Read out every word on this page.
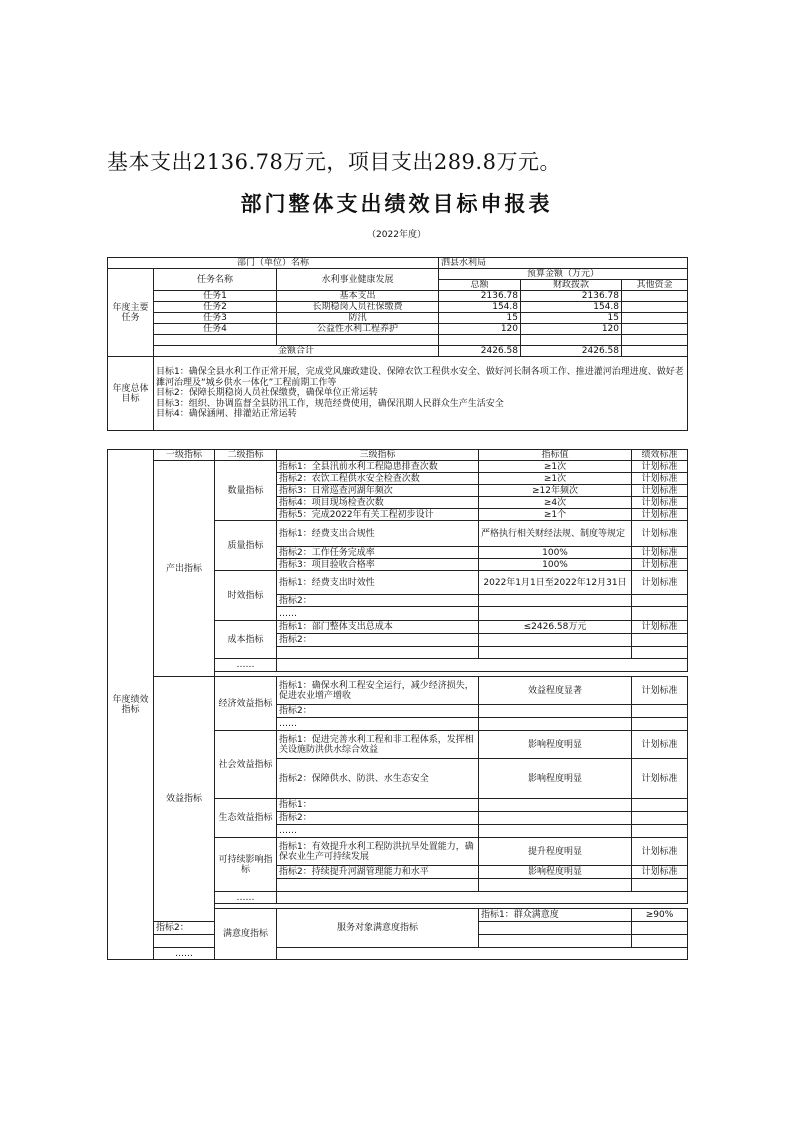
基本支出2136.78万元，项目支出289.8万元。
部门整体支出绩效目标申报表
（2022年度）
部门（单位）名称			泗县水利局		
年度主要任务	任务名称	水利事业健康发展	预算金额（万元）		
			总额	财政拨款	其他资金
	任务1	基本支出	2136.78	2136.78	
	任务2	长期稳岗人员社保缴费	154.8	154.8	
	任务3	防汛	15	15	
	任务4	公益性水利工程养护	120	120	

	金额合计		2426.58	2426.58	
年度总体目标	目标1：确保全县水利工作正常开展，完成党风廉政建设、保障农饮工程供水安全、做好河长制各项工作、推进灌河治理进度、做好老濉河治理及“城乡供水一体化”工程前期工作等
目标2：保障长期稳岗人员社保缴费，确保单位正常运转
目标3：组织、协调监督全县防汛工作，规范经费使用，确保汛期人民群众生产生活安全
目标4：确保涵闸、排灌站正常运转				
年度绩效指标	一级指标	二级指标	三级指标	指标值	绩效标准	
	产出指标	数量指标	指标1：全县汛前水利工程隐患排查次数	≥1次	计划标准	
			指标2：农饮工程供水安全检查次数	≥1次	计划标准	
			指标3：日常巡查河湖年频次	≥12年频次	计划标准	
			指标4：项目现场检查次数	≥4次	计划标准	
			指标5：完成2022年有关工程初步设计	≥1个	计划标准	
		质量指标	指标1：经费支出合规性	严格执行相关财经法规、制度等规定	计划标准	
			指标2：工作任务完成率	100%	计划标准	
			指标3：项目验收合格率	100%	计划标准	
		时效指标	指标1：经费支出时效性	2022年1月1日至2022年12月31日	计划标准	
			指标2：			
			……			
		成本指标	指标1：部门整体支出总成本	≤2426.58万元	计划标准	
			指标2：			

		……				

	效益指标	经济效益指标	指标1：确保水利工程安全运行，减少经济损失，促进农业增产增收	效益程度显著	计划标准	
			指标2：			
			……			
		社会效益指标	指标1：促进完善水利工程和非工程体系，发挥相关设施防洪供水综合效益	影响程度明显	计划标准	
			指标2：保障供水、防洪、水生态安全	影响程度明显	计划标准	
		生态效益指标	指标1：			
			指标2：			
			……			
		可持续影响指标	指标1：有效提升水利工程防洪抗旱处置能力，确保农业生产可持续发展	提升程度明显	计划标准	
			指标2：持续提升河湖管理能力和水平	影响程度明显	计划标准	

		……				

		满意度指标	服务对象满意度指标	指标1：群众满意度	≥90%	
	指标2：					

	……					
